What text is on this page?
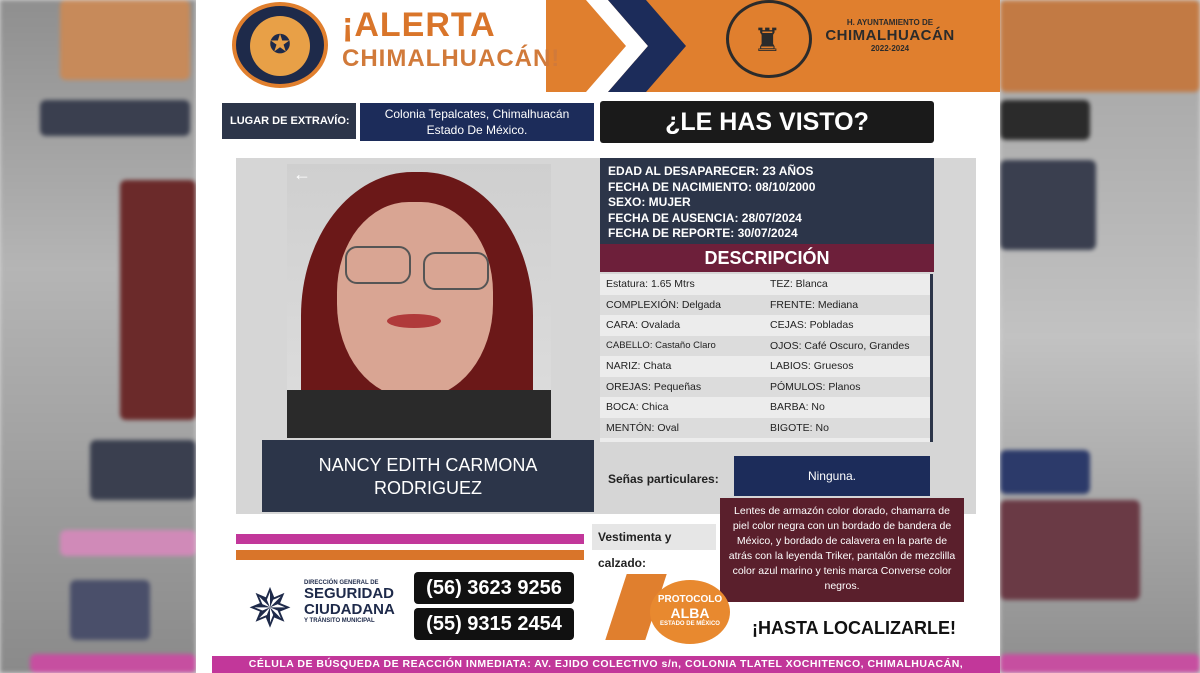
✪ ¡ALERTA
CHIMALHUACÁN!
♜	H. AYUNTAMIENTO DE
CHIMALHUACÁN
2022-2024
LUGAR DE EXTRAVÍO:	Colonia Tepalcates, Chimalhuacán
Estado De México.	¿LE HAS VISTO?
←
NANCY EDITH CARMONA
RODRIGUEZ
EDAD AL DESAPARECER: 23 AÑOS
FECHA DE NACIMIENTO: 08/10/2000
SEXO: MUJER
FECHA DE AUSENCIA: 28/07/2024
FECHA DE REPORTE: 30/07/2024
DESCRIPCIÓN
Estatura: 1.65 Mtrs	TEZ: Blanca
COMPLEXIÓN: Delgada	FRENTE: Mediana
CARA: Ovalada	CEJAS: Pobladas
CABELLO: Castaño Claro	OJOS: Café Oscuro, Grandes
NARIZ: Chata	LABIOS: Gruesos
OREJAS: Pequeñas	PÓMULOS: Planos
BOCA: Chica	BARBA: No
MENTÓN: Oval	BIGOTE: No
Señas particulares:	Ninguna.
Vestimenta y calzado:
Lentes de armazón color dorado, chamarra de piel color negra con un bordado de bandera de México, y bordado de calavera en la parte de atrás con la leyenda Triker, pantalón de mezclilla color azul marino y tenis marca Converse color negros.
✵	DIRECCIÓN GENERAL DE
SEGURIDAD
CIUDADANA
Y TRÁNSITO MUNICIPAL
(56) 3623 9256
(55) 9315 2454
PROTOCOLO
ALBA
ESTADO DE MÉXICO	¡HASTA LOCALIZARLE!
CÉLULA DE BÚSQUEDA DE REACCIÓN INMEDIATA: AV. EJIDO COLECTIVO s/n, COLONIA TLATEL XOCHITENCO, CHIMALHUACÁN,
